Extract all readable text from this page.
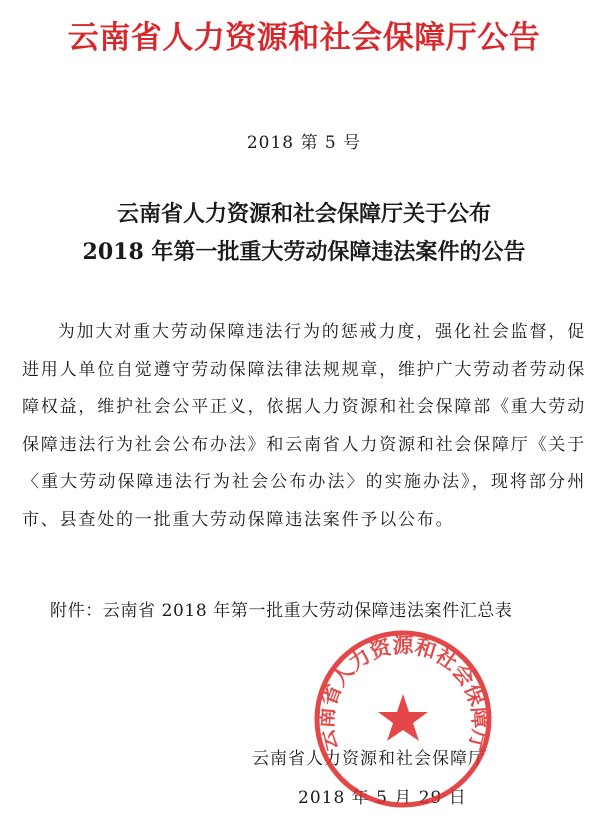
云南省人力资源和社会保障厅公告
2018 第 5 号
云南省人力资源和社会保障厅关于公布
2018 年第一批重大劳动保障违法案件的公告
为加大对重大劳动保障违法行为的惩戒力度，强化社会监督，促进用人单位自觉遵守劳动保障法律法规规章，维护广大劳动者劳动保障权益，维护社会公平正义，依据人力资源和社会保障部《重大劳动保障违法行为社会公布办法》和云南省人力资源和社会保障厅《关于〈重大劳动保障违法行为社会公布办法〉的实施办法》，现将部分州市、县查处的一批重大劳动保障违法案件予以公布。
附件：云南省 2018 年第一批重大劳动保障违法案件汇总表
云南省人力资源和社会保障厅
2018 年 5 月 29 日
云南省人力资源和社会保障厅
